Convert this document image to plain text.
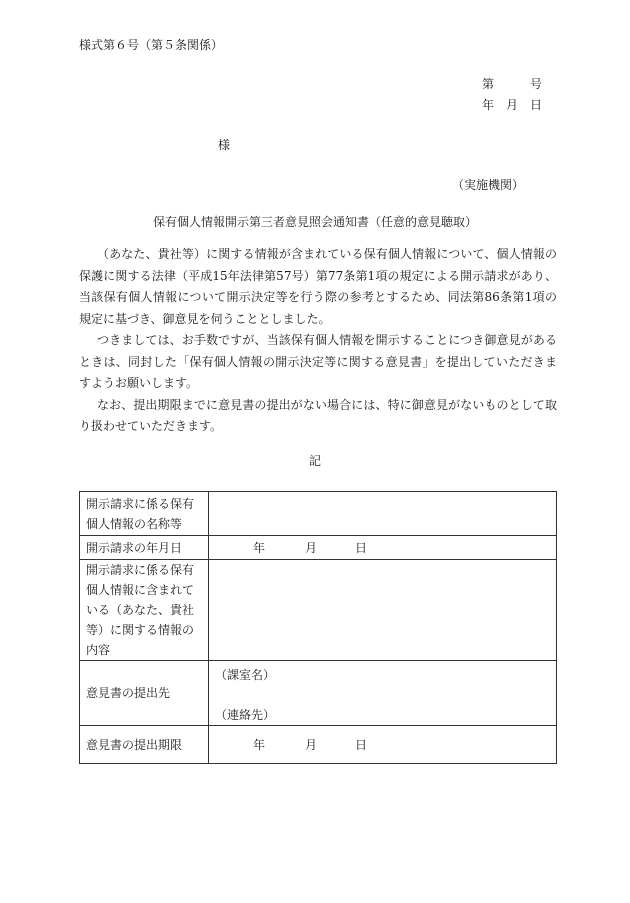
様式第６号（第５条関係）
第	号
年 月 日
様
（実施機関）
保有個人情報開示第三者意見照会通知書（任意的意見聴取）

（あなた、貴社等）に関する情報が含まれている保有個人情報について、個人情報の保護に関する法律（平成15年法律第57号）第77条第1項の規定による開示請求があり、当該保有個人情報について開示決定等を行う際の参考とするため、同法第86条第1項の規定に基づき、御意見を伺うこととしました。

つきましては、お手数ですが、当該保有個人情報を開示することにつき御意見があるときは、同封した「保有個人情報の開示決定等に関する意見書」を提出していただきますようお願いします。

なお、提出期限までに意見書の提出がない場合には、特に御意見がないものとして取り扱わせていただきます。

記
開示請求に係る保有個人情報の名称等	
開示請求の年月日	年 月 日
開示請求に係る保有個人情報に含まれている（あなた、貴社等）に関する情報の内容	
意見書の提出先	（課室名）
（連絡先）

意見書の提出期限	年 月 日
